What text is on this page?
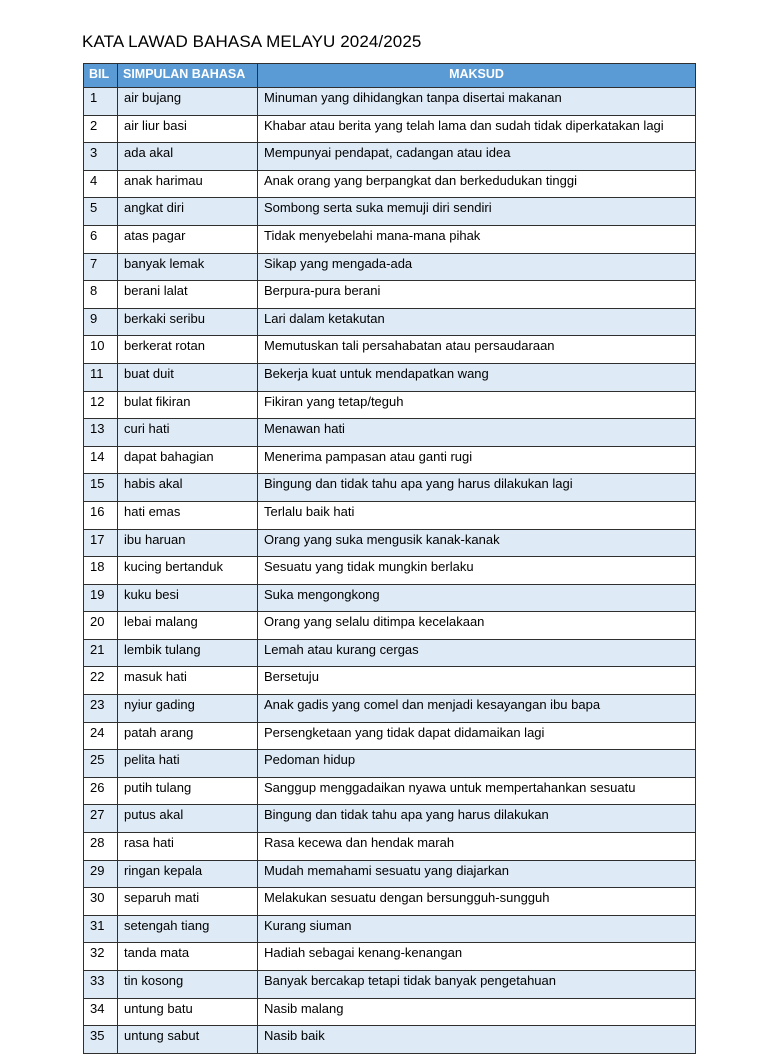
KATA LAWAD BAHASA MELAYU 2024/2025
BIL	SIMPULAN BAHASA	MAKSUD
1	air bujang	Minuman yang dihidangkan tanpa disertai makanan
2	air liur basi	Khabar atau berita yang telah lama dan sudah tidak diperkatakan lagi
3	ada akal	Mempunyai pendapat, cadangan atau idea
4	anak harimau	Anak orang yang berpangkat dan berkedudukan tinggi
5	angkat diri	Sombong serta suka memuji diri sendiri
6	atas pagar	Tidak menyebelahi mana-mana pihak
7	banyak lemak	Sikap yang mengada-ada
8	berani lalat	Berpura-pura berani
9	berkaki seribu	Lari dalam ketakutan
10	berkerat rotan	Memutuskan tali persahabatan atau persaudaraan
11	buat duit	Bekerja kuat untuk mendapatkan wang
12	bulat fikiran	Fikiran yang tetap/teguh
13	curi hati	Menawan hati
14	dapat bahagian	Menerima pampasan atau ganti rugi
15	habis akal	Bingung dan tidak tahu apa yang harus dilakukan lagi
16	hati emas	Terlalu baik hati
17	ibu haruan	Orang yang suka mengusik kanak-kanak
18	kucing bertanduk	Sesuatu yang tidak mungkin berlaku
19	kuku besi	Suka mengongkong
20	lebai malang	Orang yang selalu ditimpa kecelakaan
21	lembik tulang	Lemah atau kurang cergas
22	masuk hati	Bersetuju
23	nyiur gading	Anak gadis yang comel dan menjadi kesayangan ibu bapa
24	patah arang	Persengketaan yang tidak dapat didamaikan lagi
25	pelita hati	Pedoman hidup
26	putih tulang	Sanggup menggadaikan nyawa untuk mempertahankan sesuatu
27	putus akal	Bingung dan tidak tahu apa yang harus dilakukan
28	rasa hati	Rasa kecewa dan hendak marah
29	ringan kepala	Mudah memahami sesuatu yang diajarkan
30	separuh mati	Melakukan sesuatu dengan bersungguh-sungguh
31	setengah tiang	Kurang siuman
32	tanda mata	Hadiah sebagai kenang-kenangan
33	tin kosong	Banyak bercakap tetapi tidak banyak pengetahuan
34	untung batu	Nasib malang
35	untung sabut	Nasib baik
